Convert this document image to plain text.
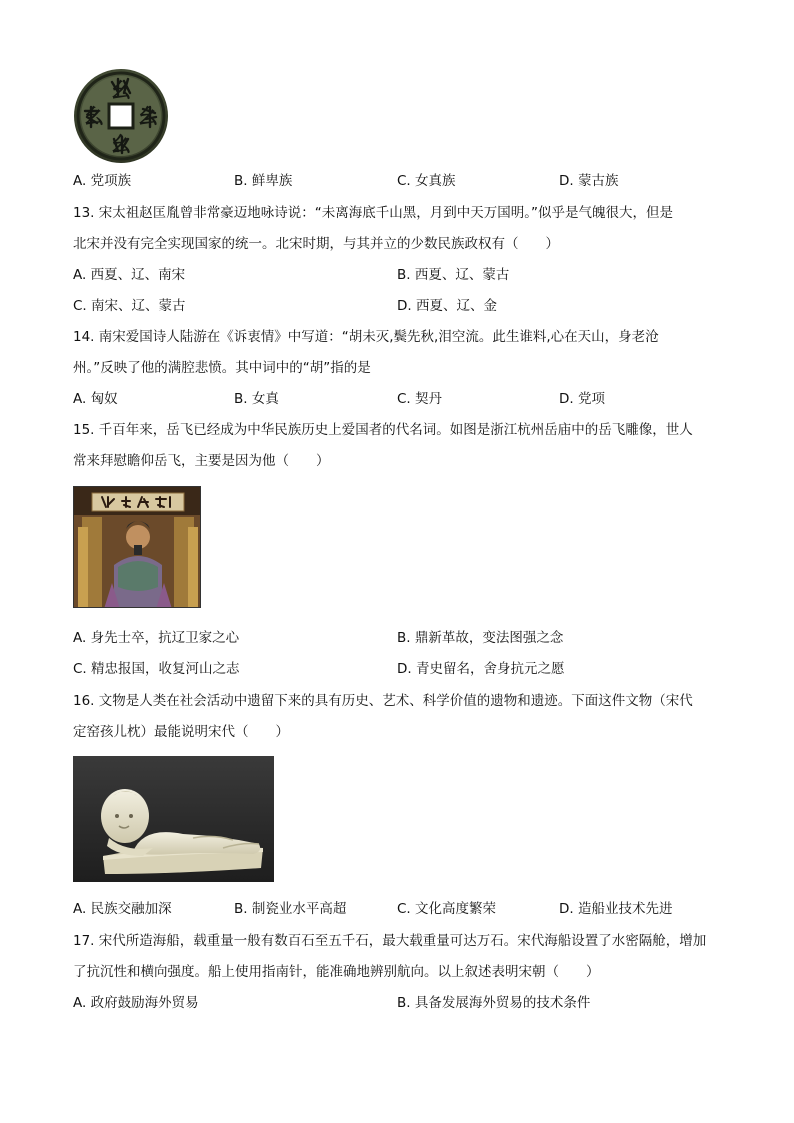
⺓
⺓
⺓ ⺓
A. 党项族	B. 鲜卑族	C. 女真族	D. 蒙古族
13. 宋太祖赵匡胤曾非常豪迈地咏诗说：“未离海底千山黑，月到中天万国明。”似乎是气魄很大，但是
北宋并没有完全实现国家的统一。北宋时期，与其并立的少数民族政权有（　　）
A. 西夏、辽、南宋	B. 西夏、辽、蒙古
C. 南宋、辽、蒙古	D. 西夏、辽、金
14. 南宋爱国诗人陆游在《诉衷情》中写道：“胡未灭,鬓先秋,泪空流。此生谁料,心在天山，身老沧
州。”反映了他的满腔悲愤。其中词中的“胡”指的是
A. 匈奴	B. 女真	C. 契丹	D. 党项
15. 千百年来，岳飞已经成为中华民族历史上爱国者的代名词。如图是浙江杭州岳庙中的岳飞雕像，世人
常来拜慰瞻仰岳飞，主要是因为他（　　）
A. 身先士卒，抗辽卫家之心	B. 鼎新革故，变法图强之念
C. 精忠报国，收复河山之志	D. 青史留名，舍身抗元之愿
16. 文物是人类在社会活动中遗留下来的具有历史、艺术、科学价值的遗物和遗迹。下面这件文物（宋代
定窑孩儿枕）最能说明宋代（　　）
A. 民族交融加深	B. 制瓷业水平高超	C. 文化高度繁荣	D. 造船业技术先进
17. 宋代所造海船，载重量一般有数百石至五千石，最大载重量可达万石。宋代海船设置了水密隔舱，增加
了抗沉性和横向强度。船上使用指南针，能准确地辨别航向。以上叙述表明宋朝（　　）
A. 政府鼓励海外贸易	B. 具备发展海外贸易的技术条件
